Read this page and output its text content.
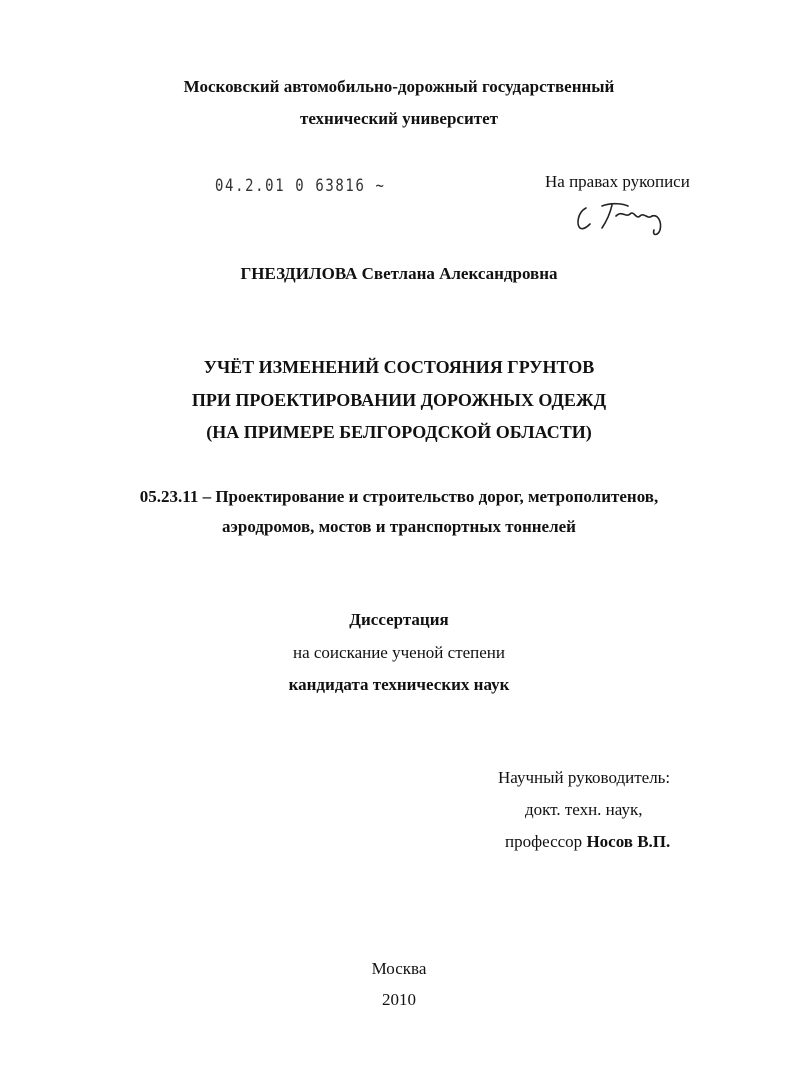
Московский автомобильно-дорожный государственный
технический университет
04.2.01 0 63816 ~	На правах рукописи
ГНЕЗДИЛОВА Светлана Александровна
УЧЁТ ИЗМЕНЕНИЙ СОСТОЯНИЯ ГРУНТОВ
ПРИ ПРОЕКТИРОВАНИИ ДОРОЖНЫХ ОДЕЖД
(НА ПРИМЕРЕ БЕЛГОРОДСКОЙ ОБЛАСТИ)
05.23.11 – Проектирование и строительство дорог, метрополитенов,
аэродромов, мостов и транспортных тоннелей
Диссертация
на соискание ученой степени
кандидата технических наук
Научный руководитель:
докт. техн. наук,
профессор Носов В.П.
Москва
2010
